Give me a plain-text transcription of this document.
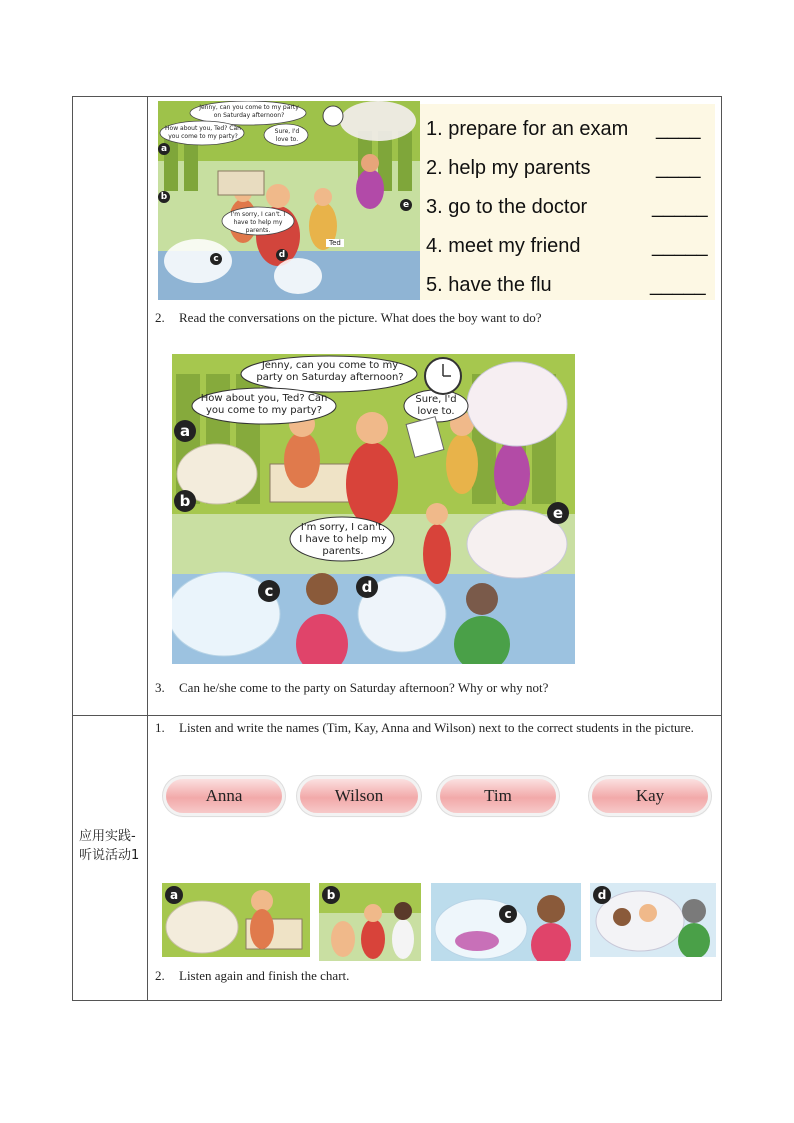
应用实践-听说活动1
Jenny, can you come to my party on Saturday afternoon?
How about you, Ted? Can you come to my party?
Sure, I'd love to.
I'm sorry, I can't. I have to help my parents.
Ted
a
b
c	d
e
1. prepare for an exam ____
2. help my parents	____
3. go to the doctor	_____
4. meet my friend	_____
5. have the flu	_____
2. Read the conversations on the picture. What does the boy want to do?
Jenny, can you come to my party on Saturday afternoon?
How about you, Ted? Can you come to my party?
Sure, I'd love to.
I'm sorry, I can't. I have to help my parents.
a
b
c	d
e
3. Can he/she come to the party on Saturday afternoon? Why or why not?
1. Listen and write the names (Tim, Kay, Anna and Wilson) next to the correct students in the picture.
Anna	Wilson	Tim	Kay
a	b
c
d
2. Listen again and finish the chart.
